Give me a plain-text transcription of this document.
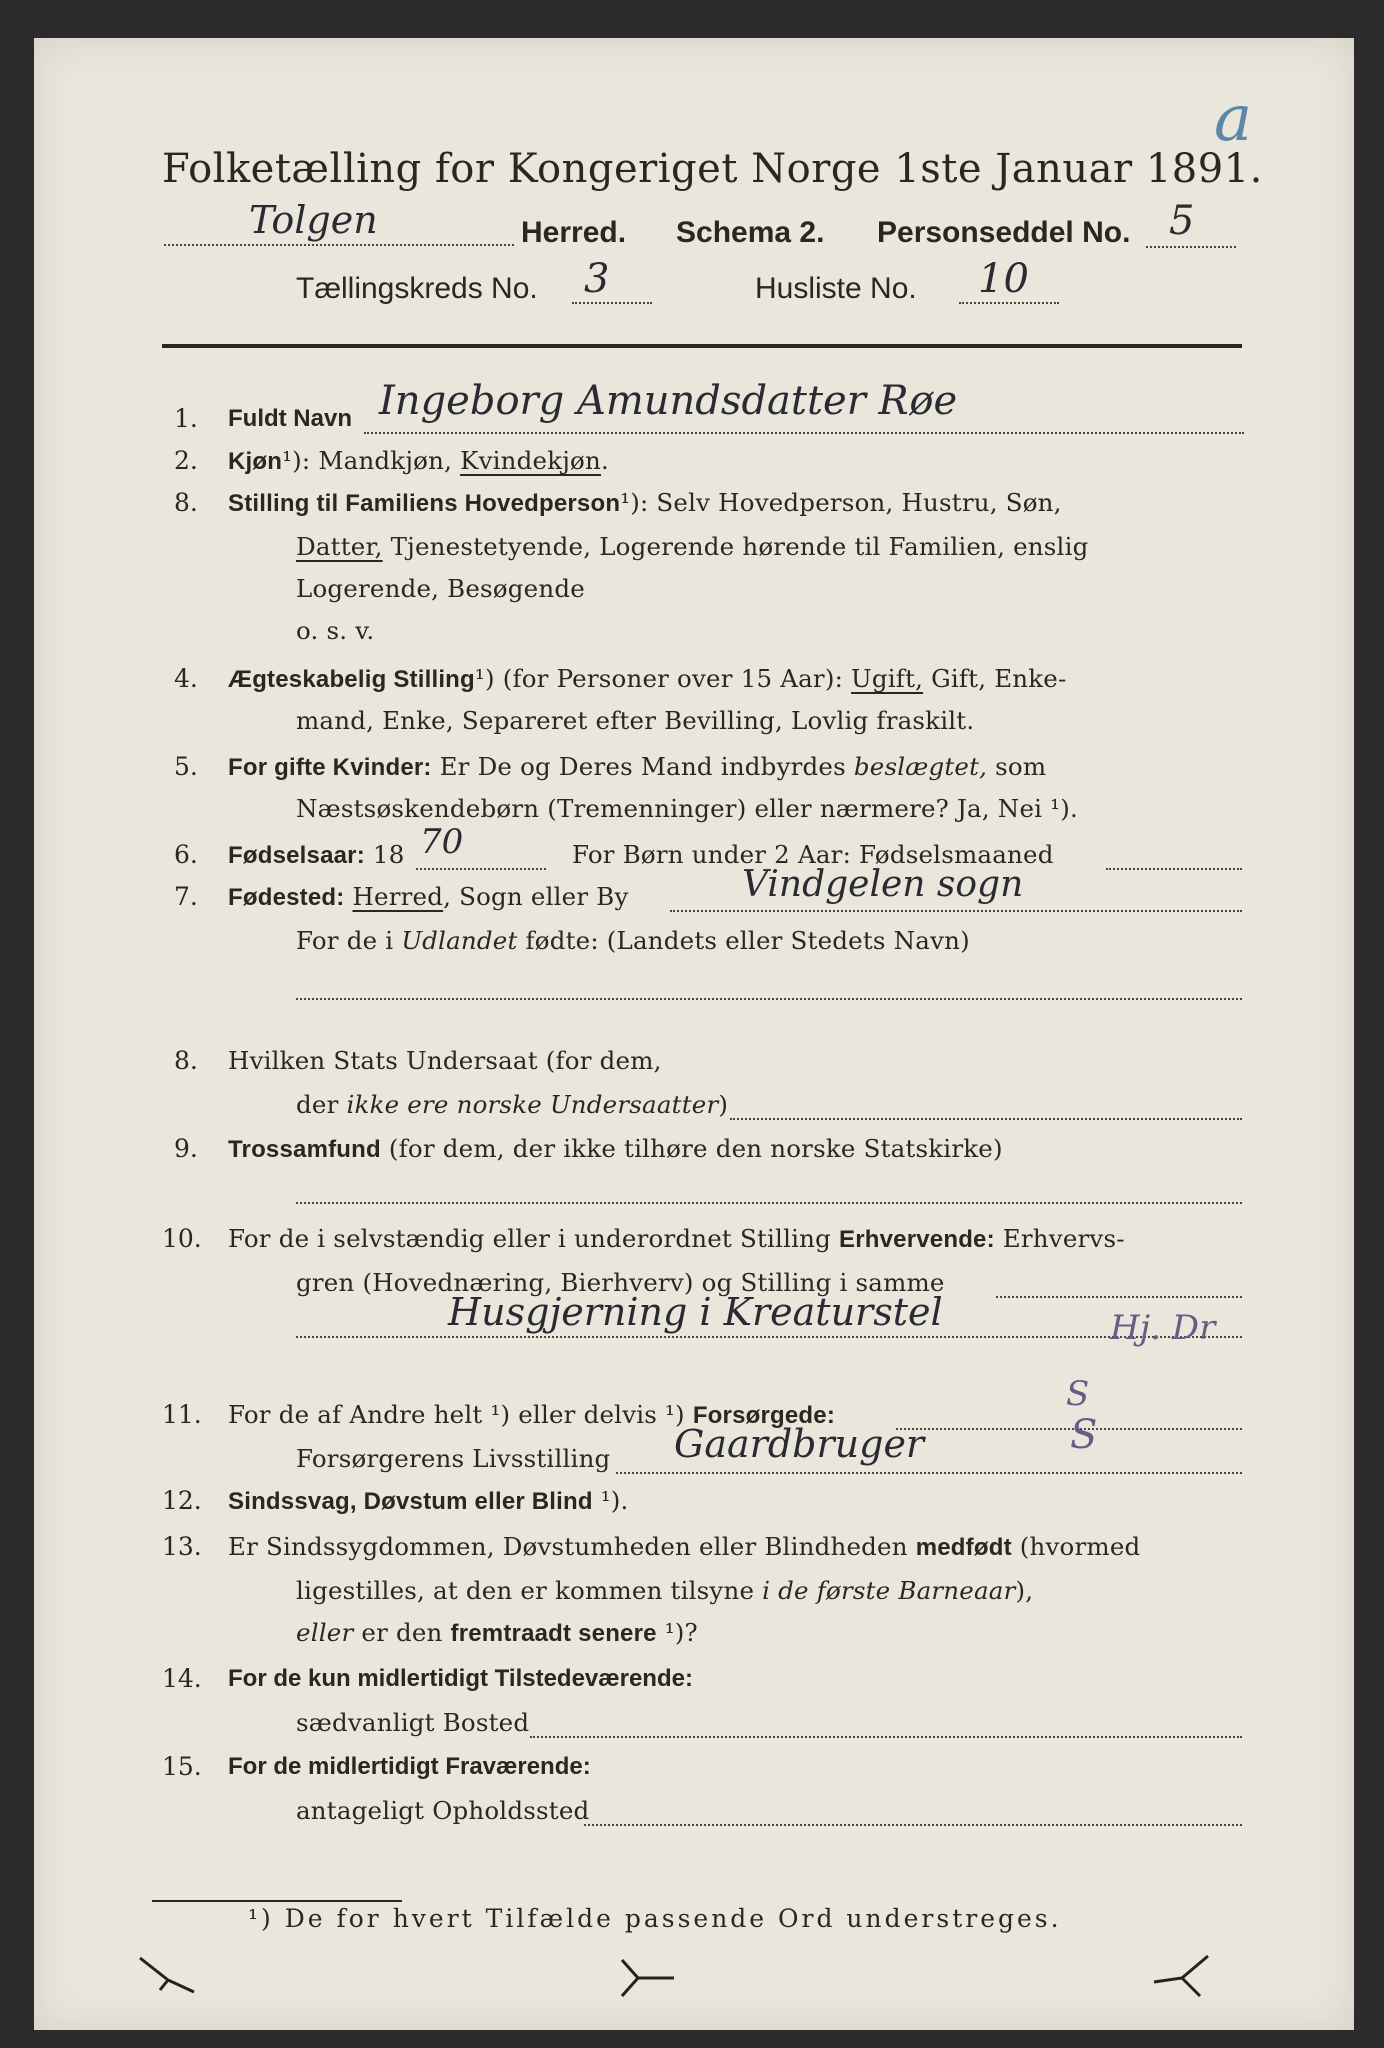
a
Folketælling for Kongeriget Norge 1ste Januar 1891.
Tolgen	Herred. Schema 2. Personseddel No. 5
Tællingskreds No. 3	Husliste No. 10
1. Fuldt Navn Ingeborg Amundsdatter Røe
2. Kjøn¹): Mandkjøn, Kvindekjøn.
8. Stilling til Familiens Hovedperson¹): Selv Hovedperson, Hustru, Søn,
Datter, Tjenestetyende, Logerende hørende til Familien, enslig
Logerende, Besøgende
o. s. v.
4. Ægteskabelig Stilling¹) (for Personer over 15 Aar): Ugift, Gift, Enke-
mand, Enke, Separeret efter Bevilling, Lovlig fraskilt.
5. For gifte Kvinder: Er De og Deres Mand indbyrdes beslægtet, som
Næstsøskendebørn (Tremenninger) eller nærmere? Ja, Nei ¹).
6. Fødselsaar: 18 70	For Børn under 2 Aar: Fødselsmaaned
7. Fødested: Herred, Sogn eller By	Vindgelen sogn
For de i Udlandet fødte: (Landets eller Stedets Navn)
8. Hvilken Stats Undersaat (for dem,
der ikke ere norske Undersaatter)
9. Trossamfund (for dem, der ikke tilhøre den norske Statskirke)
10. For de i selvstændig eller i underordnet Stilling Erhvervende: Erhvervs-
gren (Hovednæring, Bierhverv) og Stilling i samme
Husgjerning i Kreaturstel	Hj. Dr
11. For de af Andre helt ¹) eller delvis ¹) Forsørgede:
Forsørgerens Livsstilling Gaardbruger	S
S
12. Sindssvag, Døvstum eller Blind ¹).
13. Er Sindssygdommen, Døvstumheden eller Blindheden medfødt (hvormed
ligestilles, at den er kommen tilsyne i de første Barneaar),
eller er den fremtraadt senere ¹)?
14. For de kun midlertidigt Tilstedeværende:
sædvanligt Bosted
15. For de midlertidigt Fraværende:
antageligt Opholdssted
¹) De for hvert Tilfælde passende Ord understreges.
